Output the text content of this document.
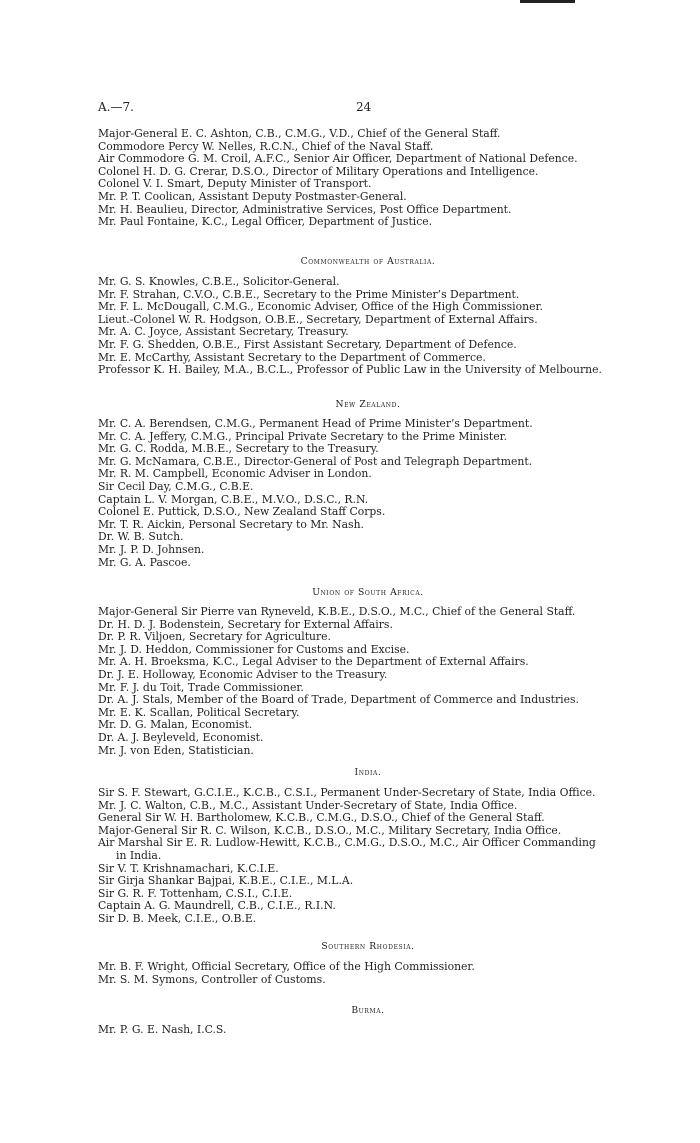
A.—7.	24

Major-General E. C. Ashton, C.B., C.M.G., V.D., Chief of the General Staff.

Commodore Percy W. Nelles, R.C.N., Chief of the Naval Staff.

Air Commodore G. M. Croil, A.F.C., Senior Air Officer, Department of National Defence.

Colonel H. D. G. Crerar, D.S.O., Director of Military Operations and Intelligence.

Colonel V. I. Smart, Deputy Minister of Transport.

Mr. P. T. Coolican, Assistant Deputy Postmaster-General.

Mr. H. Beaulieu, Director, Administrative Services, Post Office Department.

Mr. Paul Fontaine, K.C., Legal Officer, Department of Justice.

Commonwealth of Australia.

Mr. G. S. Knowles, C.B.E., Solicitor-General.

Mr. F. Strahan, C.V.O., C.B.E., Secretary to the Prime Minister’s Department.

Mr. F. L. McDougall, C.M.G., Economic Adviser, Office of the High Commissioner.

Lieut.-Colonel W. R. Hodgson, O.B.E., Secretary, Department of External Affairs.

Mr. A. C. Joyce, Assistant Secretary, Treasury.

Mr. F. G. Shedden, O.B.E., First Assistant Secretary, Department of Defence.

Mr. E. McCarthy, Assistant Secretary to the Department of Commerce.

Professor K. H. Bailey, M.A., B.C.L., Professor of Public Law in the University of Melbourne.

New Zealand.

Mr. C. A. Berendsen, C.M.G., Permanent Head of Prime Minister’s Department.

Mr. C. A. Jeffery, C.M.G., Principal Private Secretary to the Prime Minister.

Mr. G. C. Rodda, M.B.E., Secretary to the Treasury.

Mr. G. McNamara, C.B.E., Director-General of Post and Telegraph Department.

Mr. R. M. Campbell, Economic Adviser in London.

Sir Cecil Day, C.M.G., C.B.E.

Captain L. V. Morgan, C.B.E., M.V.O., D.S.C., R.N.

Colonel E. Puttick, D.S.O., New Zealand Staff Corps.

Mr. T. R. Aickin, Personal Secretary to Mr. Nash.

Dr. W. B. Sutch.

Mr. J. P. D. Johnsen.

Mr. G. A. Pascoe.

Union of South Africa.

Major-General Sir Pierre van Ryneveld, K.B.E., D.S.O., M.C., Chief of the General Staff.

Dr. H. D. J. Bodenstein, Secretary for External Affairs.

Dr. P. R. Viljoen, Secretary for Agriculture.

Mr. J. D. Heddon, Commissioner for Customs and Excise.

Mr. A. H. Broeksma, K.C., Legal Adviser to the Department of External Affairs.

Dr. J. E. Holloway, Economic Adviser to the Treasury.

Mr. F. J. du Toit, Trade Commissioner.

Dr. A. J. Stals, Member of the Board of Trade, Department of Commerce and Industries.

Mr. E. K. Scallan, Political Secretary.

Mr. D. G. Malan, Economist.

Dr. A. J. Beyleveld, Economist.

Mr. J. von Eden, Statistician.

India.

Sir S. F. Stewart, G.C.I.E., K.C.B., C.S.I., Permanent Under-Secretary of State, India Office.

Mr. J. C. Walton, C.B., M.C., Assistant Under-Secretary of State, India Office.

General Sir W. H. Bartholomew, K.C.B., C.M.G., D.S.O., Chief of the General Staff.

Major-General Sir R. C. Wilson, K.C.B., D.S.O., M.C., Military Secretary, India Office.

Air Marshal Sir E. R. Ludlow-Hewitt, K.C.B., C.M.G., D.S.O., M.C., Air Officer Commanding

in India.

Sir V. T. Krishnamachari, K.C.I.E.

Sir Girja Shankar Bajpai, K.B.E., C.I.E., M.L.A.

Sir G. R. F. Tottenham, C.S.I., C.I.E.

Captain A. G. Maundrell, C.B., C.I.E., R.I.N.

Sir D. B. Meek, C.I.E., O.B.E.

Southern Rhodesia.

Mr. B. F. Wright, Official Secretary, Office of the High Commissioner.

Mr. S. M. Symons, Controller of Customs.

Burma.

Mr. P. G. E. Nash, I.C.S.
